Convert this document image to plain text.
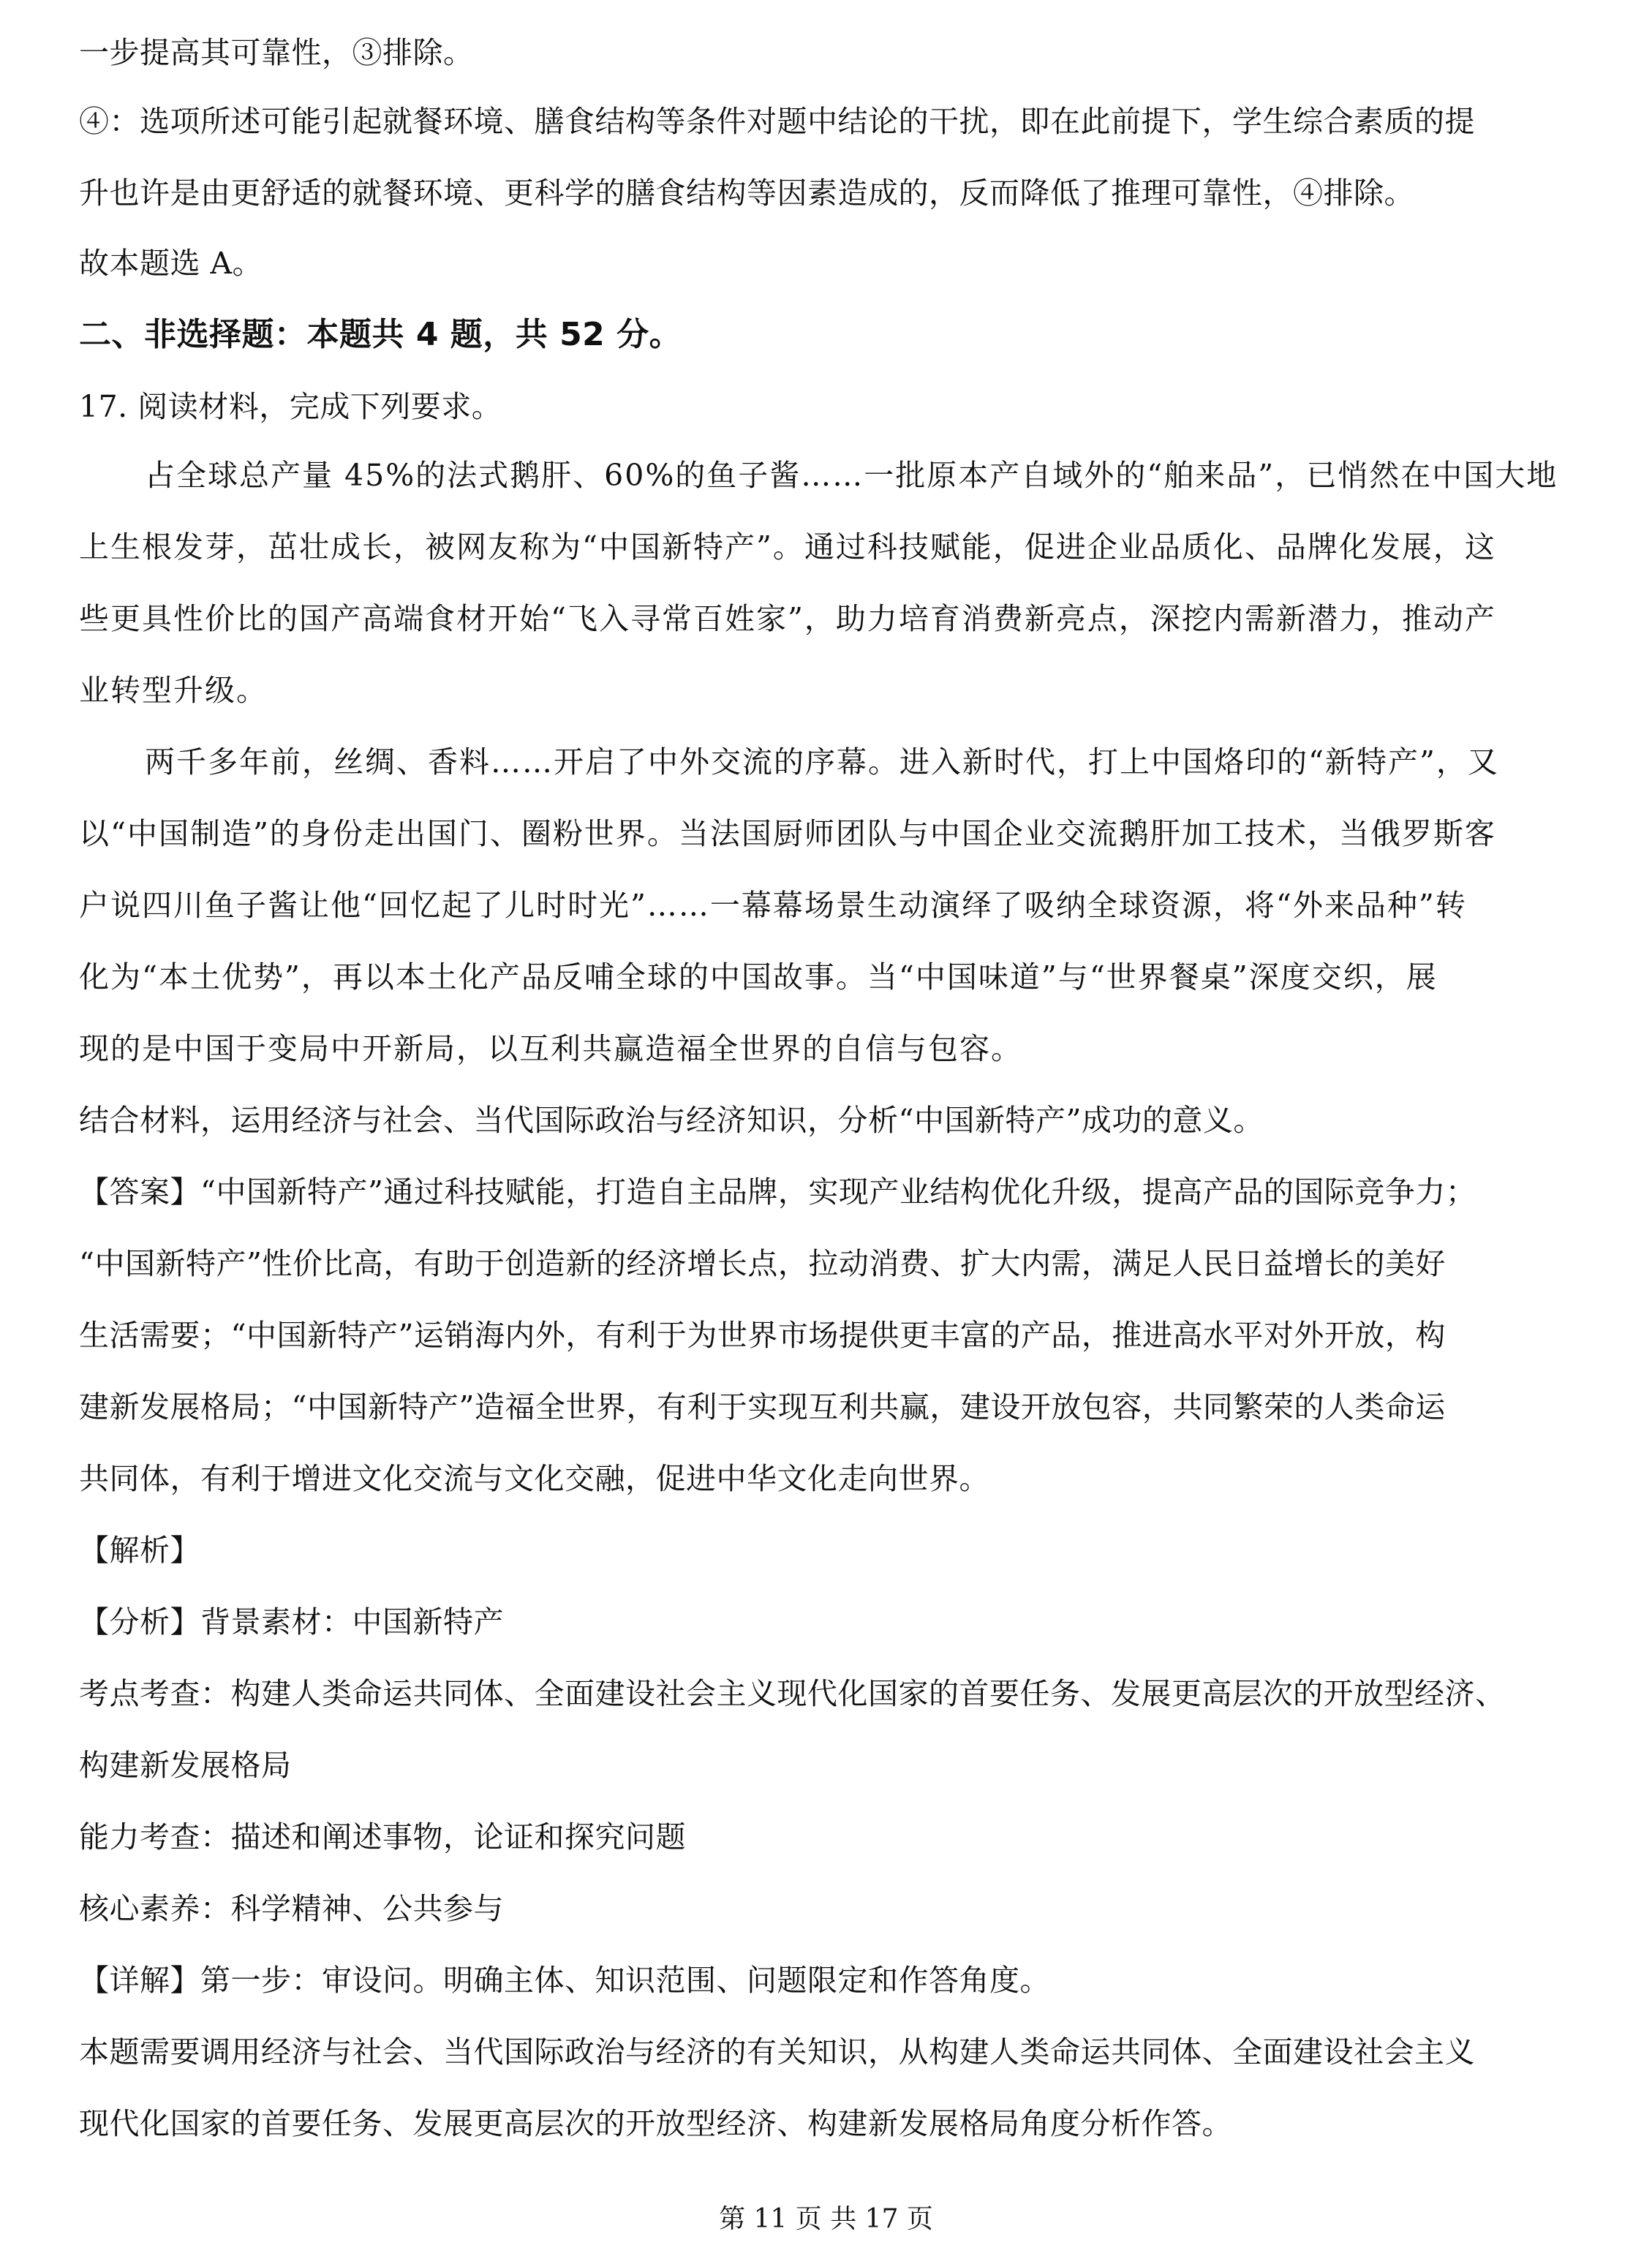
一步提高其可靠性，③排除。
④：选项所述可能引起就餐环境、膳食结构等条件对题中结论的干扰，即在此前提下，学生综合素质的提
升也许是由更舒适的就餐环境、更科学的膳食结构等因素造成的，反而降低了推理可靠性，④排除。
故本题选 A。
二、非选择题：本题共 4 题，共 52 分。
17. 阅读材料，完成下列要求。
占全球总产量 45%的法式鹅肝、60%的鱼子酱……一批原本产自域外的“舶来品”，已悄然在中国大地
上生根发芽，茁壮成长，被网友称为“中国新特产”。通过科技赋能，促进企业品质化、品牌化发展，这
些更具性价比的国产高端食材开始“飞入寻常百姓家”，助力培育消费新亮点，深挖内需新潜力，推动产
业转型升级。
两千多年前，丝绸、香料……开启了中外交流的序幕。进入新时代，打上中国烙印的“新特产”，又
以“中国制造”的身份走出国门、圈粉世界。当法国厨师团队与中国企业交流鹅肝加工技术，当俄罗斯客
户说四川鱼子酱让他“回忆起了儿时时光”……一幕幕场景生动演绎了吸纳全球资源，将“外来品种”转
化为“本土优势”，再以本土化产品反哺全球的中国故事。当“中国味道”与“世界餐桌”深度交织，展
现的是中国于变局中开新局，以互利共赢造福全世界的自信与包容。
结合材料，运用经济与社会、当代国际政治与经济知识，分析“中国新特产”成功的意义。
【答案】“中国新特产”通过科技赋能，打造自主品牌，实现产业结构优化升级，提高产品的国际竞争力；
“中国新特产”性价比高，有助于创造新的经济增长点，拉动消费、扩大内需，满足人民日益增长的美好
生活需要；“中国新特产”运销海内外，有利于为世界市场提供更丰富的产品，推进高水平对外开放，构
建新发展格局；“中国新特产”造福全世界，有利于实现互利共赢，建设开放包容，共同繁荣的人类命运
共同体，有利于增进文化交流与文化交融，促进中华文化走向世界。
【解析】
【分析】背景素材：中国新特产
考点考查：构建人类命运共同体、全面建设社会主义现代化国家的首要任务、发展更高层次的开放型经济、
构建新发展格局
能力考查：描述和阐述事物，论证和探究问题
核心素养：科学精神、公共参与
【详解】第一步：审设问。明确主体、知识范围、问题限定和作答角度。
本题需要调用经济与社会、当代国际政治与经济的有关知识，从构建人类命运共同体、全面建设社会主义
现代化国家的首要任务、发展更高层次的开放型经济、构建新发展格局角度分析作答。
第 11 页 共 17 页
